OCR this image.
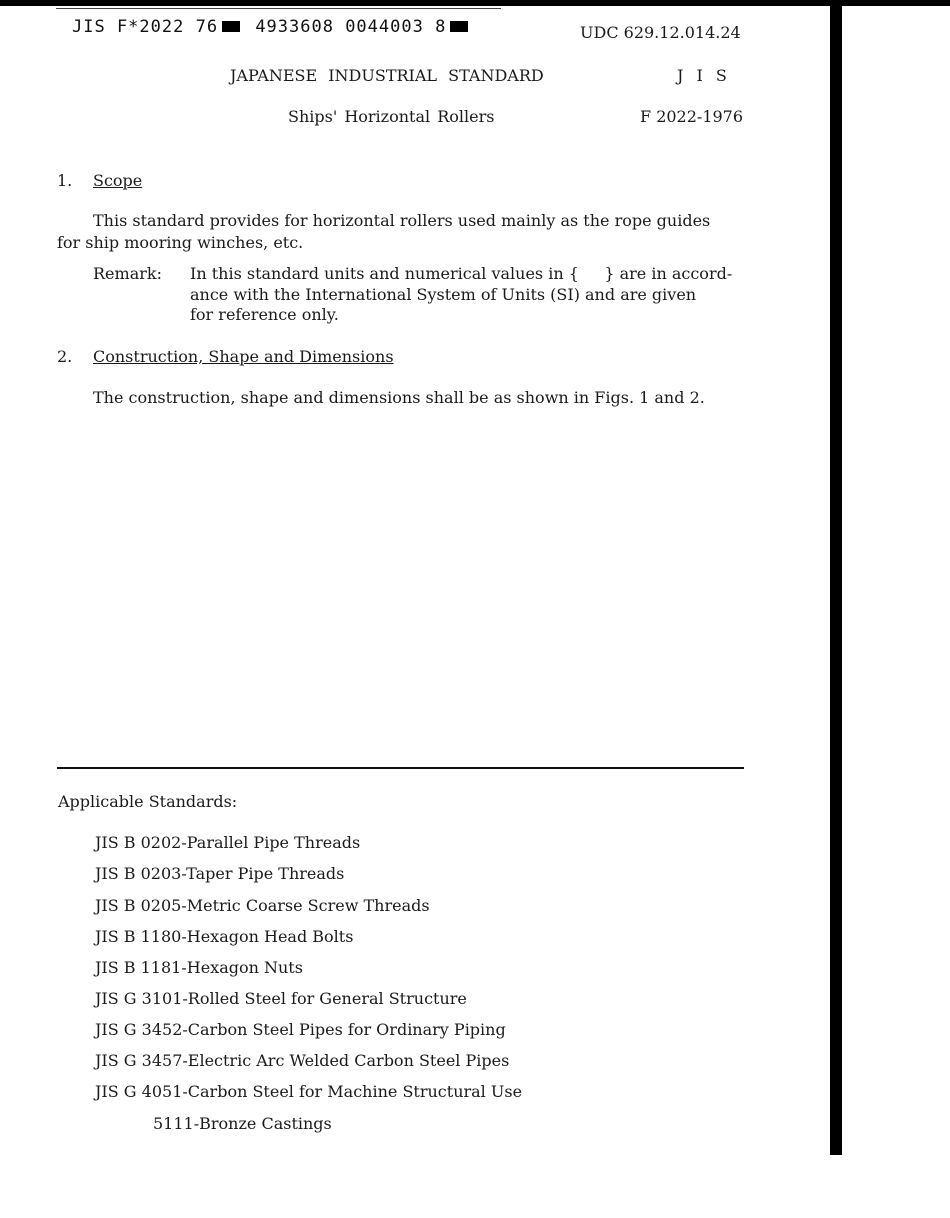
JIS F*2022 76 4933608 0044003 8	UDC 629.12.014.24
JAPANESE INDUSTRIAL STANDARD	J I S
Ships' Horizontal Rollers	F 2022-1976
1. Scope
This standard provides for horizontal rollers used mainly as the rope guides
for ship mooring winches, etc.
Remark: In this standard units and numerical values in {     } are in accord-
ance with the International System of Units (SI) and are given
for reference only.
2. Construction, Shape and Dimensions
The construction, shape and dimensions shall be as shown in Figs. 1 and 2.
Applicable Standards:
JIS B 0202-Parallel Pipe Threads
JIS B 0203-Taper Pipe Threads
JIS B 0205-Metric Coarse Screw Threads
JIS B 1180-Hexagon Head Bolts
JIS B 1181-Hexagon Nuts
JIS G 3101-Rolled Steel for General Structure
JIS G 3452-Carbon Steel Pipes for Ordinary Piping
JIS G 3457-Electric Arc Welded Carbon Steel Pipes
JIS G 4051-Carbon Steel for Machine Structural Use
5111-Bronze Castings
